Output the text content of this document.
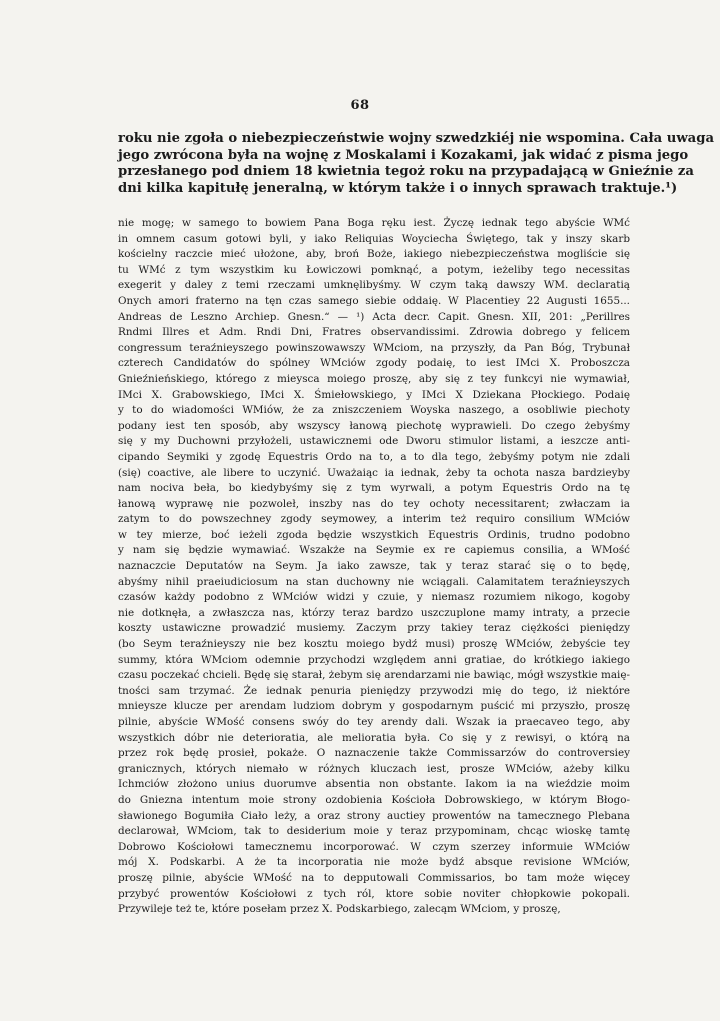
68
roku nie zgoła o niebezpieczeństwie wojny szwedzkiéj nie wspomina. Cała uwaga
jego zwrócona była na wojnę z Moskalami i Kozakami, jak widać z pisma jego
przesłanego pod dniem 18 kwietnia tegoż roku na przypadającą w Gnieźnie za
dni kilka kapitułę jeneralną, w którym także i o innych sprawach traktuje.¹)
nie mogę; w samego to bowiem Pana Boga ręku iest. Życzę iednak tego abyście WMć
in omnem casum gotowi byli, y iako Reliquias Woyciecha Świętego, tak y inszy skarb
kościelny raczcie mieć ułożone, aby, broń Boże, iakiego niebezpieczeństwa mogliście się
tu WMć z tym wszystkim ku Łowiczowi pomknąć, a potym, ieżeliby tego necessitas
exegerit y daley z temi rzeczami umknęlibyśmy. W czym taką dawszy WM. declaratią
Onych amori fraterno na tęn czas samego siebie oddaię. W Placentiey 22 Augusti 1655...
Andreas de Leszno Archiep. Gnesn.“ — ¹) Acta decr. Capit. Gnesn. XII, 201: „Perillres
Rndmi Illres et Adm. Rndi Dni, Fratres observandissimi. Zdrowia dobrego y felicem
congressum teraźnieyszego powinszowawszy WMciom, na przyszły, da Pan Bóg, Trybunał
czterech Candidatów do spólney WMciów zgody podaię, to iest IMci X. Proboszcza
Gnieźnieńskiego, którego z mieysca moiego proszę, aby się z tey funkcyi nie wymawiał,
IMci X. Grabowskiego, IMci X. Śmiełowskiego, y IMci X Dziekana Płockiego. Podaię
y to do wiadomości WMiów, że za zniszczeniem Woyska naszego, a osobliwie piechoty
podany iest ten sposób, aby wszyscy łanową piechotę wyprawieli. Do czego żebyśmy
się y my Duchowni przyłożeli, ustawicznemi ode Dworu stimulor listami, a ieszcze anti-
cipando Seymiki y zgodę Equestris Ordo na to, a to dla tego, żebyśmy potym nie zdali
(się) coactive, ale libere to uczynić. Uważaiąc ia iednak, żeby ta ochota nasza bardzieyby
nam nociva beła, bo kiedybyśmy się z tym wyrwali, a potym Equestris Ordo na tę
łanową wyprawę nie pozwoleł, inszby nas do tey ochoty necessitarent; zwłaczam ia
zatym to do powszechney zgody seymowey, a interim też requiro consilium WMciów
w tey mierze, boć ieżeli zgoda będzie wszystkich Equestris Ordinis, trudno podobno
y nam się będzie wymawiać. Wszakże na Seymie ex re capiemus consilia, a WMość
naznaczcie Deputatów na Seym. Ja iako zawsze, tak y teraz starać się o to będę,
abyśmy nihil praeiudiciosum na stan duchowny nie wciągali. Calamitatem teraźnieyszych
czasów każdy podobno z WMciów widzi y czuie, y niemasz rozumiem nikogo, kogoby
nie dotknęła, a zwłaszcza nas, którzy teraz bardzo uszczuplone mamy intraty, a przecie
koszty ustawiczne prowadzić musiemy. Zaczym przy takiey teraz ciężkości pieniędzy
(bo Seym teraźnieyszy nie bez kosztu moiego bydź musi) proszę WMciów, żebyście tey
summy, która WMciom odemnie przychodzi względem anni gratiae, do krótkiego iakiego
czasu poczekać chcieli. Będę się starał, żebym się arendarzami nie bawiąc, mógł wszystkie maię-
tności sam trzymać. Że iednak penuria pieniędzy przywodzi mię do tego, iż niektóre
mnieysze klucze per arendam ludziom dobrym y gospodarnym puścić mi przyszło, proszę
pilnie, abyście WMość consens swóy do tey arendy dali. Wszak ia praecaveo tego, aby
wszystkich dóbr nie deterioratia, ale melioratia była. Co się y z rewisyi, o którą na
przez rok będę prosieł, pokaże. O naznaczenie także Commissarzów do controversiey
granicznych, których niemało w różnych kluczach iest, prosze WMciów, ażeby kilku
Ichmciów złożono unius duorumve absentia non obstante. Iakom ia na wieździe moim
do Gniezna intentum moie strony ozdobienia Kościoła Dobrowskiego, w którym Błogo-
sławionego Bogumiła Ciało leży, a oraz strony auctiey prowentów na tamecznego Plebana
declarował, WMciom, tak to desiderium moie y teraz przypominam, chcąc wioskę tamtę
Dobrowo Kościołowi tamecznemu incorporować. W czym szerzey informuie WMciów
mój X. Podskarbi. A że ta incorporatia nie może bydź absque revisione WMciów,
proszę pilnie, abyście WMość na to depputowali Commissarios, bo tam może więcey
przybyć prowentów Kościołowi z tych ról, ktore sobie noviter chłopkowie pokopali.
Przywileje też te, które posełam przez X. Podskarbiego, zalecąm WMciom, y proszę,
